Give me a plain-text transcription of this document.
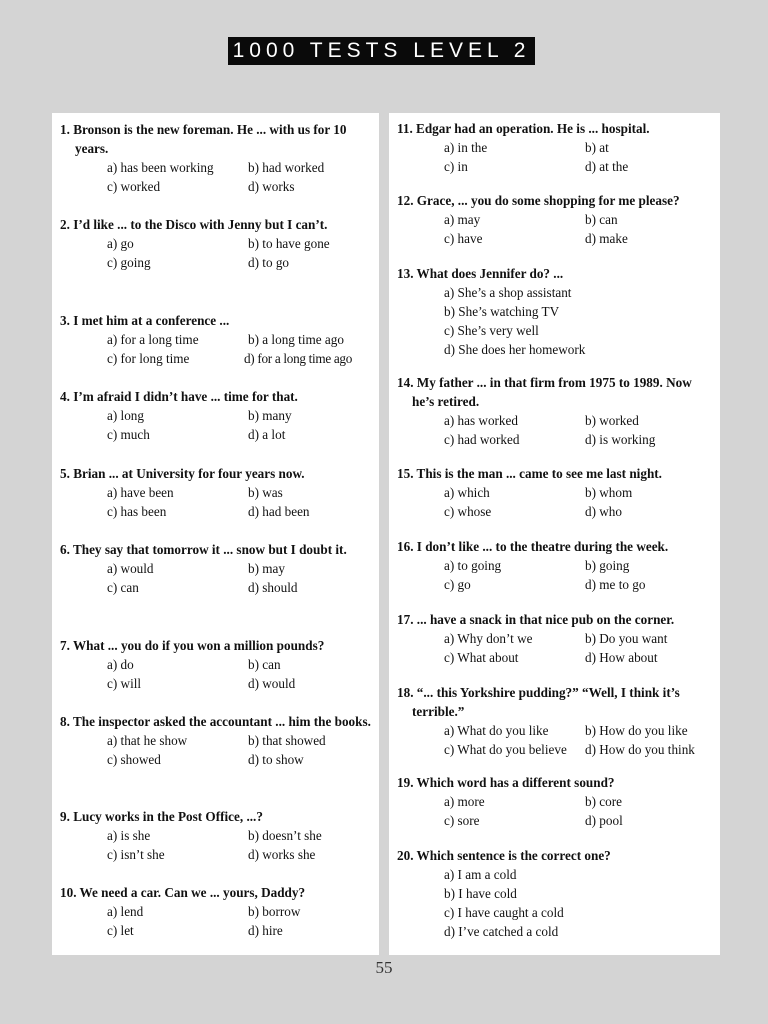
1000 TESTS LEVEL 2
1. Bronson is the new foreman. He ... with us for 10 years.
a) has been working	b) had worked
c) worked	d) works
2. I’d like ... to the Disco with Jenny but I can’t.
a) go	b) to have gone
c) going	d) to go
3. I met him at a conference ...
a) for a long time	b) a long time ago
c) for long time	d) for a long time ago
4. I’m afraid I didn’t have ... time for that.
a) long	b) many
c) much	d) a lot
5. Brian ... at University for four years now.
a) have been	b) was
c) has been	d) had been
6. They say that tomorrow it ... snow but I doubt it.
a) would	b) may
c) can	d) should
7. What ... you do if you won a million pounds?
a) do	b) can
c) will	d) would
8. The inspector asked the accountant ... him the books.
a) that he show	b) that showed
c) showed	d) to show
9. Lucy works in the Post Office, ...?
a) is she	b) doesn’t she
c) isn’t she	d) works she
10. We need a car. Can we ... yours, Daddy?
a) lend	b) borrow
c) let	d) hire
11. Edgar had an operation. He is ... hospital.
a) in the	b) at
c) in	d) at the
12. Grace, ... you do some shopping for me please?
a) may	b) can
c) have	d) make
13. What does Jennifer do? ...
a) She’s a shop assistant
b) She’s watching TV
c) She’s very well
d) She does her homework
14. My father ... in that firm from 1975 to 1989. Now he’s retired.
a) has worked	b) worked
c) had worked	d) is working
15. This is the man ... came to see me last night.
a) which	b) whom
c) whose	d) who
16. I don’t like ... to the theatre during the week.
a) to going	b) going
c) go	d) me to go
17. ... have a snack in that nice pub on the corner.
a) Why don’t we	b) Do you want
c) What about	d) How about
18. “... this Yorkshire pudding?” “Well, I think it’s terrible.”
a) What do you like	b) How do you like
c) What do you believe	d) How do you think
19. Which word has a different sound?
a) more	b) core
c) sore	d) pool
20. Which sentence is the correct one?
a) I am a cold
b) I have cold
c) I have caught a cold
d) I’ve catched a cold
55
